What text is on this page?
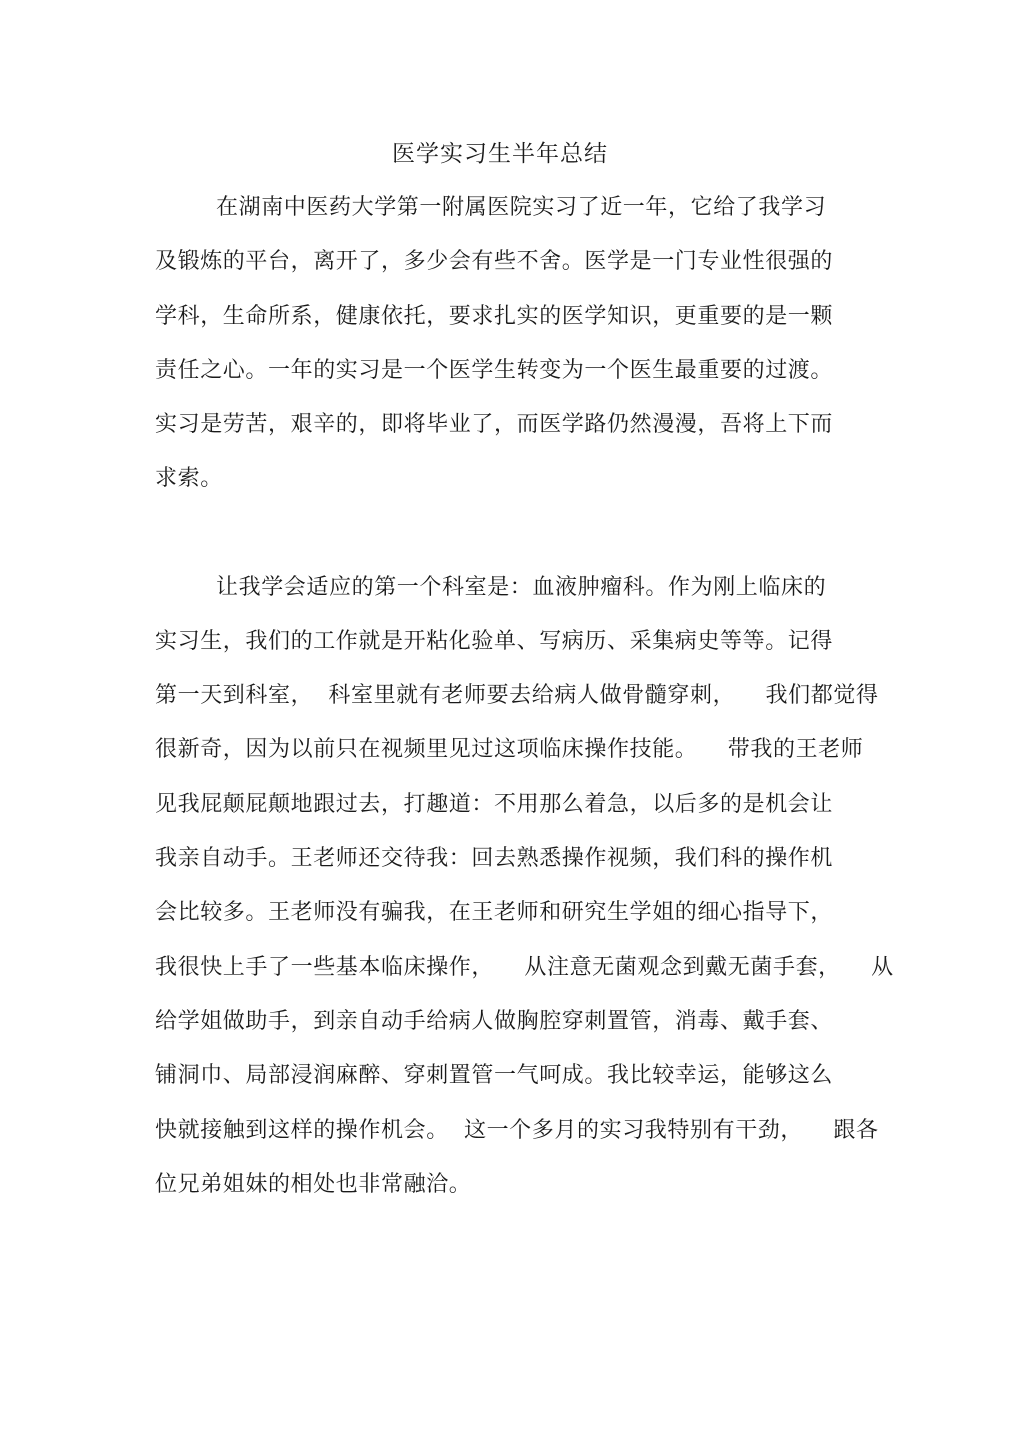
医学实习生半年总结
在湖南中医药大学第一附属医院实习了近一年，它给了我学习
及锻炼的平台，离开了，多少会有些不舍。医学是一门专业性很强的
学科，生命所系，健康依托，要求扎实的医学知识，更重要的是一颗
责任之心。一年的实习是一个医学生转变为一个医生最重要的过渡。
实习是劳苦，艰辛的，即将毕业了，而医学路仍然漫漫，吾将上下而
求索。
让我学会适应的第一个科室是：血液肿瘤科。作为刚上临床的
实习生，我们的工作就是开粘化验单、写病历、采集病史等等。记得
第一天到科室，  科室里就有老师要去给病人做骨髓穿刺，    我们都觉得
很新奇，因为以前只在视频里见过这项临床操作技能。    带我的王老师
见我屁颠屁颠地跟过去，打趣道：不用那么着急，以后多的是机会让
我亲自动手。王老师还交待我：回去熟悉操作视频，我们科的操作机
会比较多。王老师没有骗我，在王老师和研究生学姐的细心指导下，
我很快上手了一些基本临床操作，    从注意无菌观念到戴无菌手套，    从
给学姐做助手，到亲自动手给病人做胸腔穿刺置管，消毒、戴手套、
铺洞巾、局部浸润麻醉、穿刺置管一气呵成。我比较幸运，能够这么
快就接触到这样的操作机会。  这一个多月的实习我特别有干劲，    跟各
位兄弟姐妹的相处也非常融洽。
